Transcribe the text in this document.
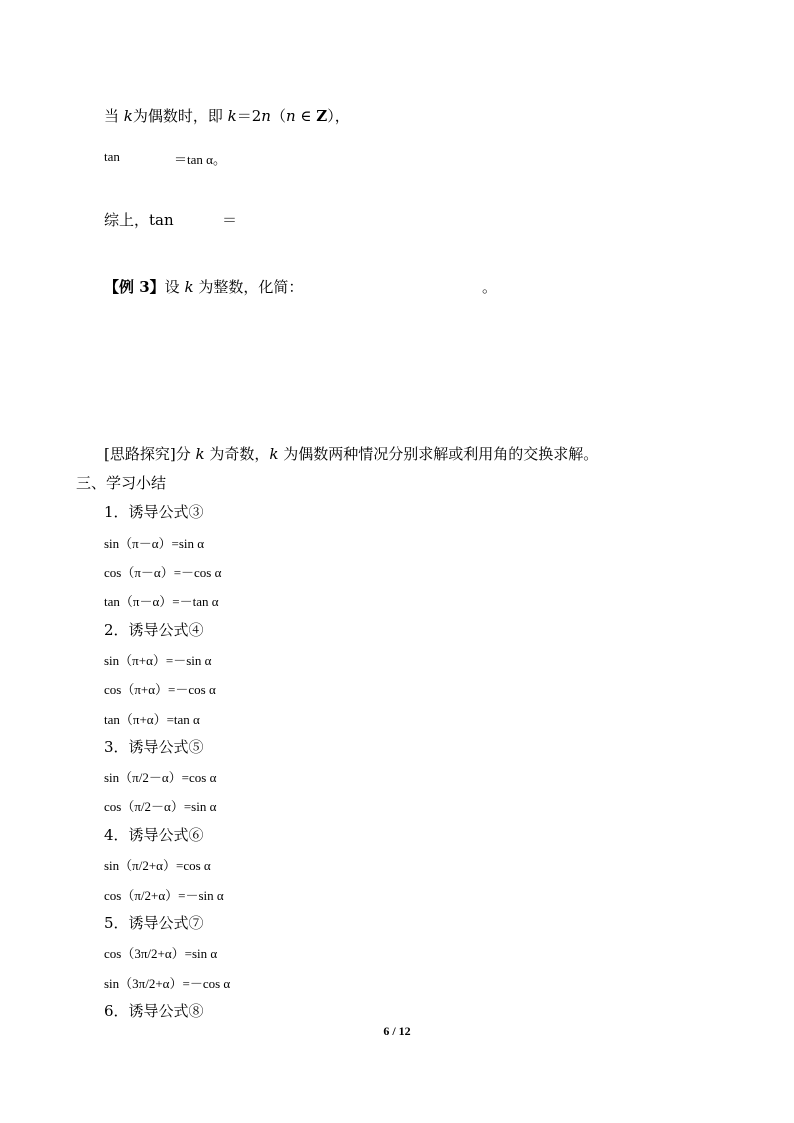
当 k为偶数时，即 k＝2n（n ∈ Z），
tan	＝tan α。
综上，tan	＝
【例 3】设 k 为整数，化简：	。
[思路探究]分 k 为奇数，k 为偶数两种情况分别求解或利用角的交换求解。
三、学习小结
1．诱导公式③
sin（π－α）=sin α
cos（π－α）=－cos α
tan（π－α）=－tan α
2．诱导公式④
sin（π+α）=－sin α
cos（π+α）=－cos α
tan（π+α）=tan α
3．诱导公式⑤
sin（π/2－α）=cos α
cos（π/2－α）=sin α
4．诱导公式⑥
sin（π/2+α）=cos α
cos（π/2+α）=－sin α
5．诱导公式⑦
cos（3π/2+α）=sin α
sin（3π/2+α）=－cos α
6．诱导公式⑧
6 / 12
